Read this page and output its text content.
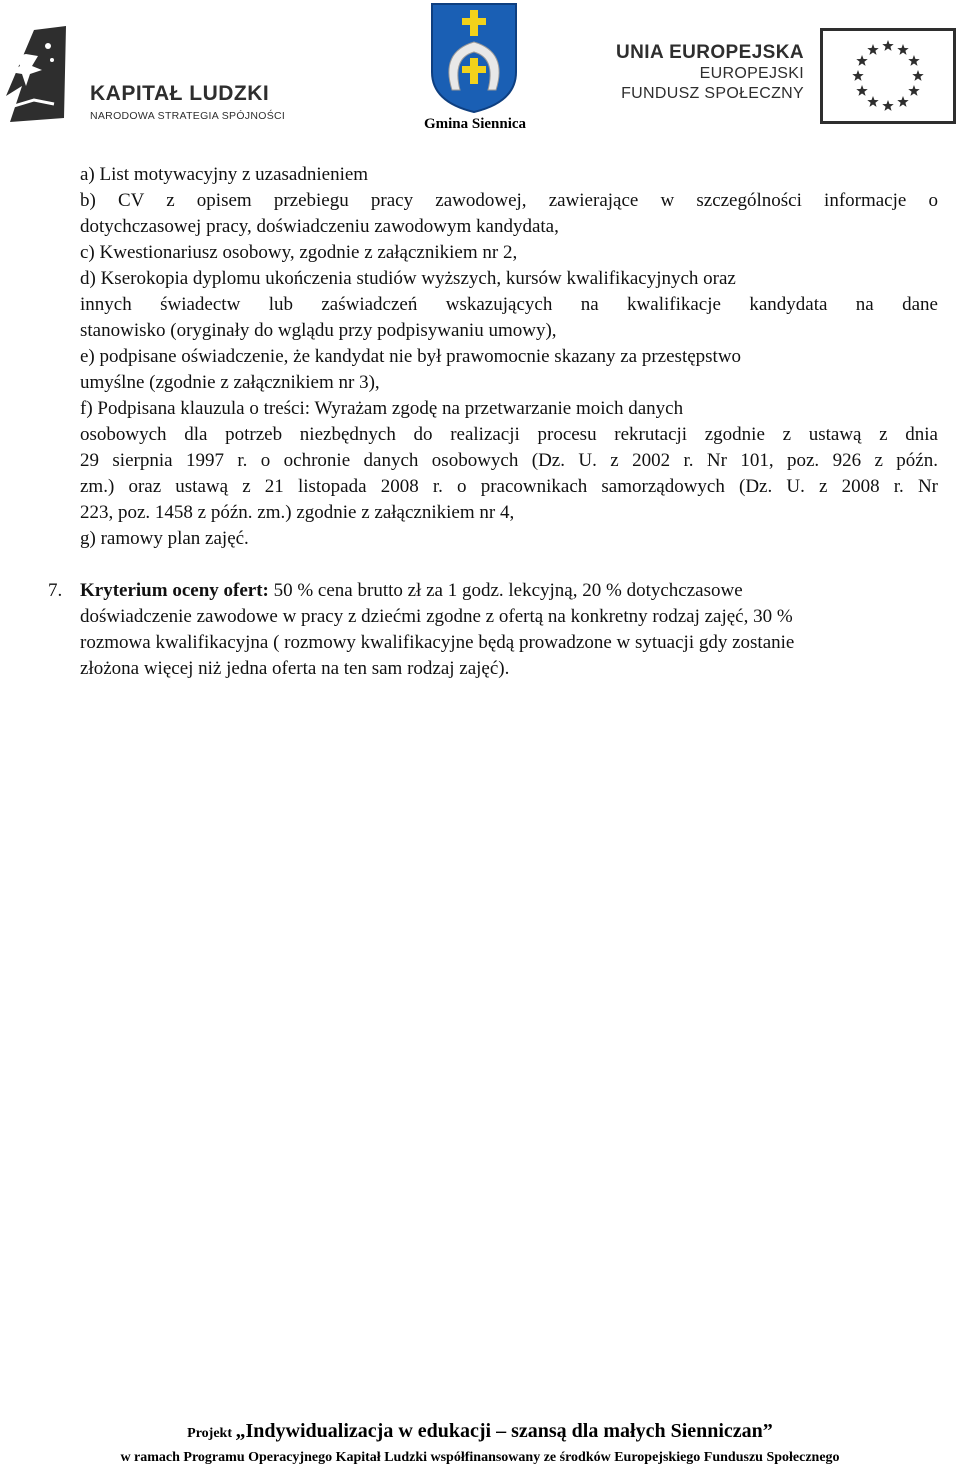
KAPITAŁ LUDZKI
NARODOWA STRATEGIA SPÓJNOŚCI	Gmina Siennica
UNIA EUROPEJSKA
EUROPEJSKI
FUNDUSZ SPOŁECZNY
a) List motywacyjny z uzasadnieniem
b) CV z opisem przebiegu pracy zawodowej, zawierające w szczególności informacje o
dotychczasowej pracy, doświadczeniu zawodowym kandydata,
c) Kwestionariusz osobowy, zgodnie z załącznikiem nr 2,
d) Kserokopia dyplomu ukończenia studiów wyższych, kursów kwalifikacyjnych oraz
innych świadectw lub zaświadczeń wskazujących na kwalifikacje kandydata na dane
stanowisko (oryginały do wglądu przy podpisywaniu umowy),
e) podpisane oświadczenie, że kandydat nie był prawomocnie skazany za przestępstwo
umyślne (zgodnie z załącznikiem nr 3),
f) Podpisana klauzula o treści: Wyrażam zgodę na przetwarzanie moich danych
osobowych dla potrzeb niezbędnych do realizacji procesu rekrutacji zgodnie z ustawą z dnia
29 sierpnia 1997 r. o ochronie danych osobowych (Dz. U. z 2002 r. Nr 101, poz. 926 z późn.
zm.) oraz ustawą z 21 listopada 2008 r. o pracownikach samorządowych (Dz. U. z 2008 r. Nr
223, poz. 1458 z późn. zm.) zgodnie z załącznikiem nr 4,
g) ramowy plan zajęć.
7. Kryterium oceny ofert: 50 % cena brutto zł za 1 godz. lekcyjną, 20 % dotychczasowe
doświadczenie zawodowe w pracy z dziećmi zgodne z ofertą na konkretny rodzaj zajęć, 30 %
rozmowa kwalifikacyjna ( rozmowy kwalifikacyjne będą prowadzone w sytuacji gdy zostanie
złożona więcej niż jedna oferta na ten sam rodzaj zajęć).
Projekt „Indywidualizacja w edukacji – szansą dla małych Sienniczan”
w ramach Programu Operacyjnego Kapitał Ludzki współfinansowany ze środków Europejskiego Funduszu Społecznego
